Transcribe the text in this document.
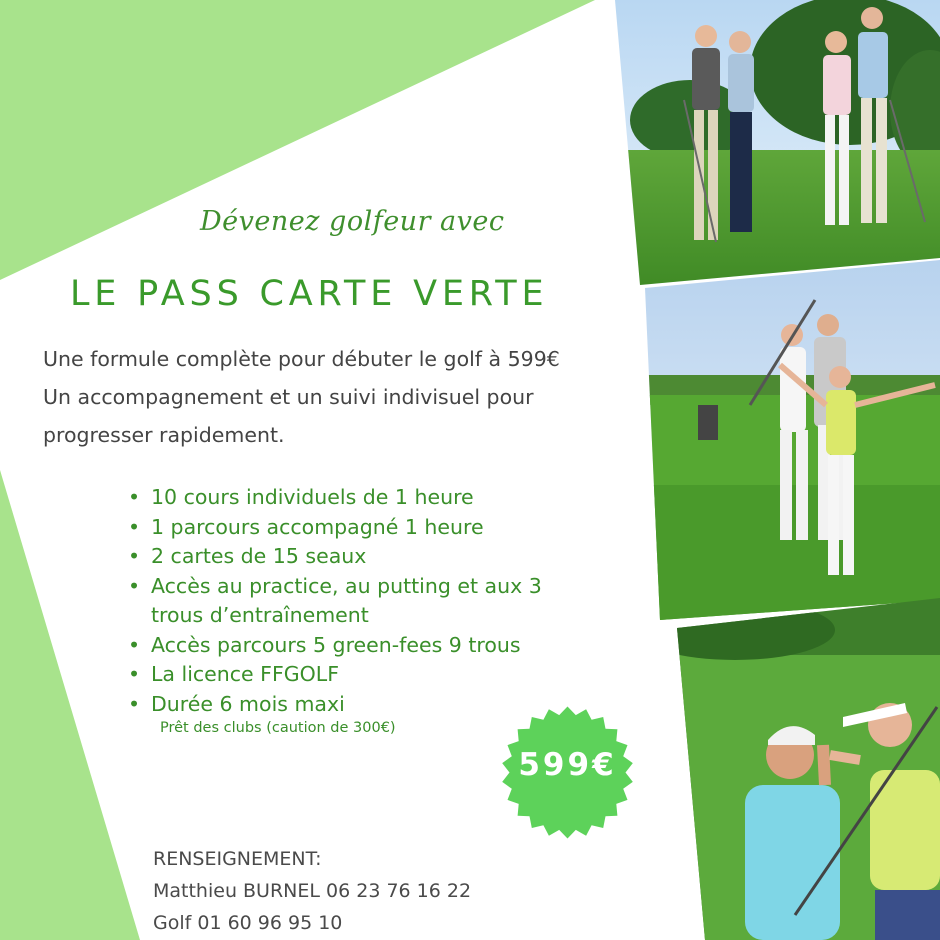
Dévenez golfeur avec
LE PASS CARTE VERTE
Une formule complète pour débuter le golf à 599€
Un accompagnement et un suivi indivisuel pour
progresser rapidement.
• 10 cours individuels de 1 heure
• 1 parcours accompagné 1 heure
• 2 cartes de 15 seaux
• Accès au practice, au putting et aux 3
trous d’entraînement
• Accès parcours 5 green-fees 9 trous
• La licence FFGOLF
• Durée 6 mois maxi
Prêt des clubs (caution de 300€)
599€
RENSEIGNEMENT:
Matthieu BURNEL 06 23 76 16 22
Golf 01 60 96 95 10
